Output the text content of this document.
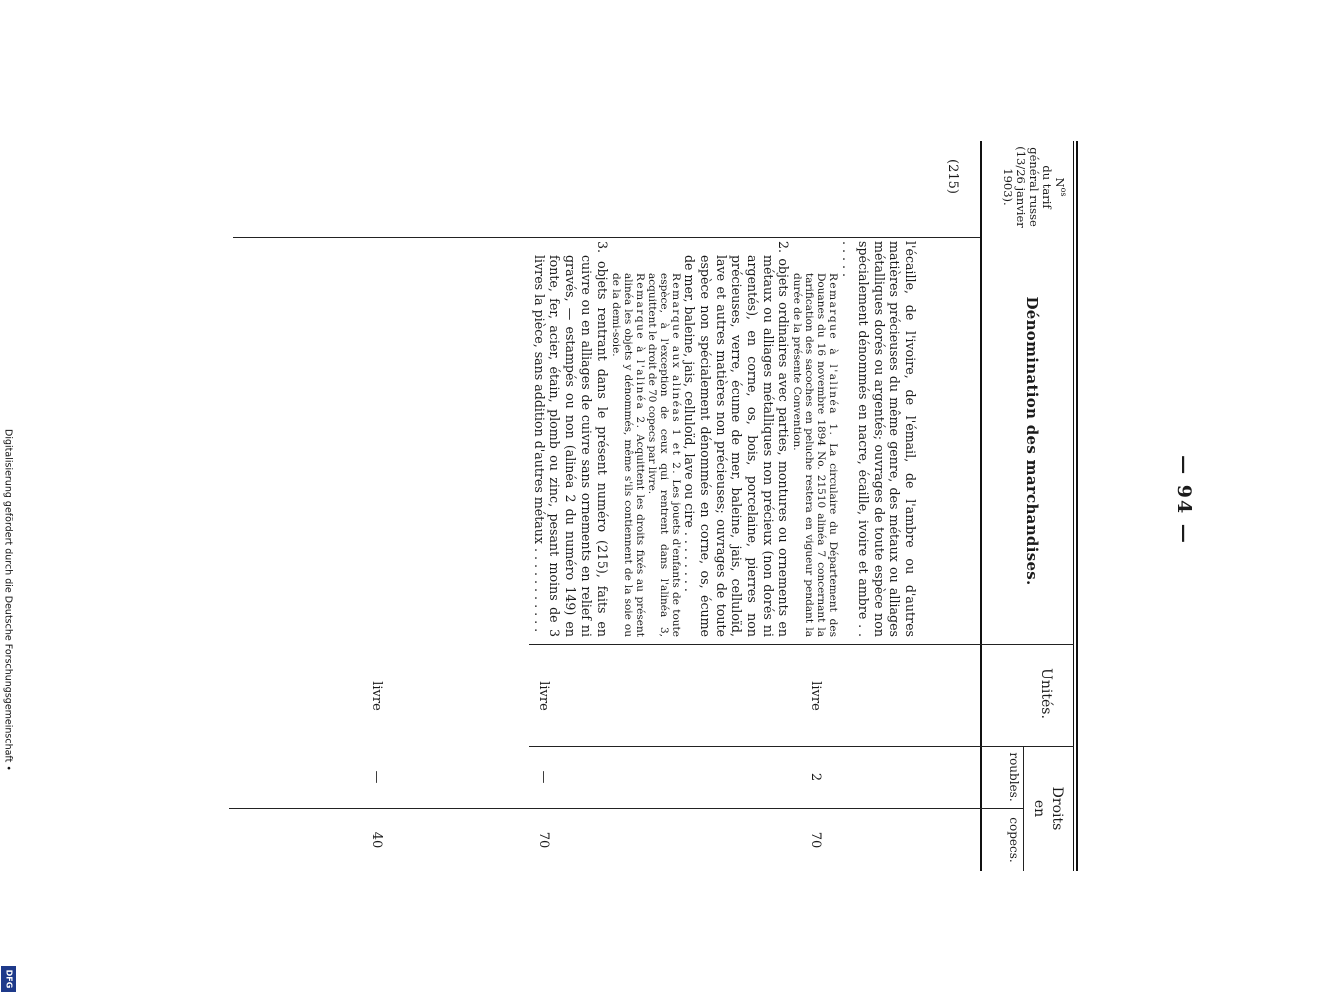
— 94 —
$N^{os}$
du tarif
général russe
(13/26 janvier
1903).
Dénomination des marchandises.
Unités.
Droits
en
roubles.
copecs.
(215)

l'écaille, de l'ivoire, de l'émail, de l'ambre ou d'autres matières précieuses du même genre, des métaux ou alliages métalliques dorés ou argentés; ouvrages de toute espèce non spécialement dénommés en nacre, écaille, ivoire et ambre . . . . . . .

Remarque à l'alinéa 1. La circulaire du Département des Douanes du 16 novembre 1894 No. 21510 alinéa 7 concernant la tarification des sacoches en peluche restera en vigueur pendant la durée de la présente Convention.

2. objets ordinaires avec parties, montures ou ornements en métaux ou alliages métalliques non précieux (non dorés ni argentés), en corne, os, bois, porcelaine, pierres non précieuses, verre, écume de mer, baleine, jais, celluloïd, lave et autres matières non précieuses; ouvrages de toute espèce non spécialement dénommés en corne, os, écume de mer, baleine, jais, celluloïd, lave ou cire . . . . . . . .

Remarque aux alinéas 1 et 2. Les jouets d'enfants de toute espèce, à l'exception de ceux qui rentrent dans l'alinéa 3, acquittent le droit de 70 copecs par livre.

Remarque à l'alinéa 2. Acquittent les droits fixés au présent alinéa les objets y dénommés, même s'ils contiennent de la soie ou de la demi-soie.

3. objets rentrant dans le présent numéro (215), faits en cuivre ou en alliages de cuivre sans ornements en relief ni gravés, — estampés ou non (alinéa 2 du numéro 149) en fonte, fer, acier, étain, plomb ou zinc, pesant moins de 3 livres la pièce, sans addition d'autres métaux . . . . . . . . . . .

livre
2
70
livre
—
70
livre
—
40
Digitalisierung gefördert durch die Deutsche Forschungsgemeinschaft •
DFG
